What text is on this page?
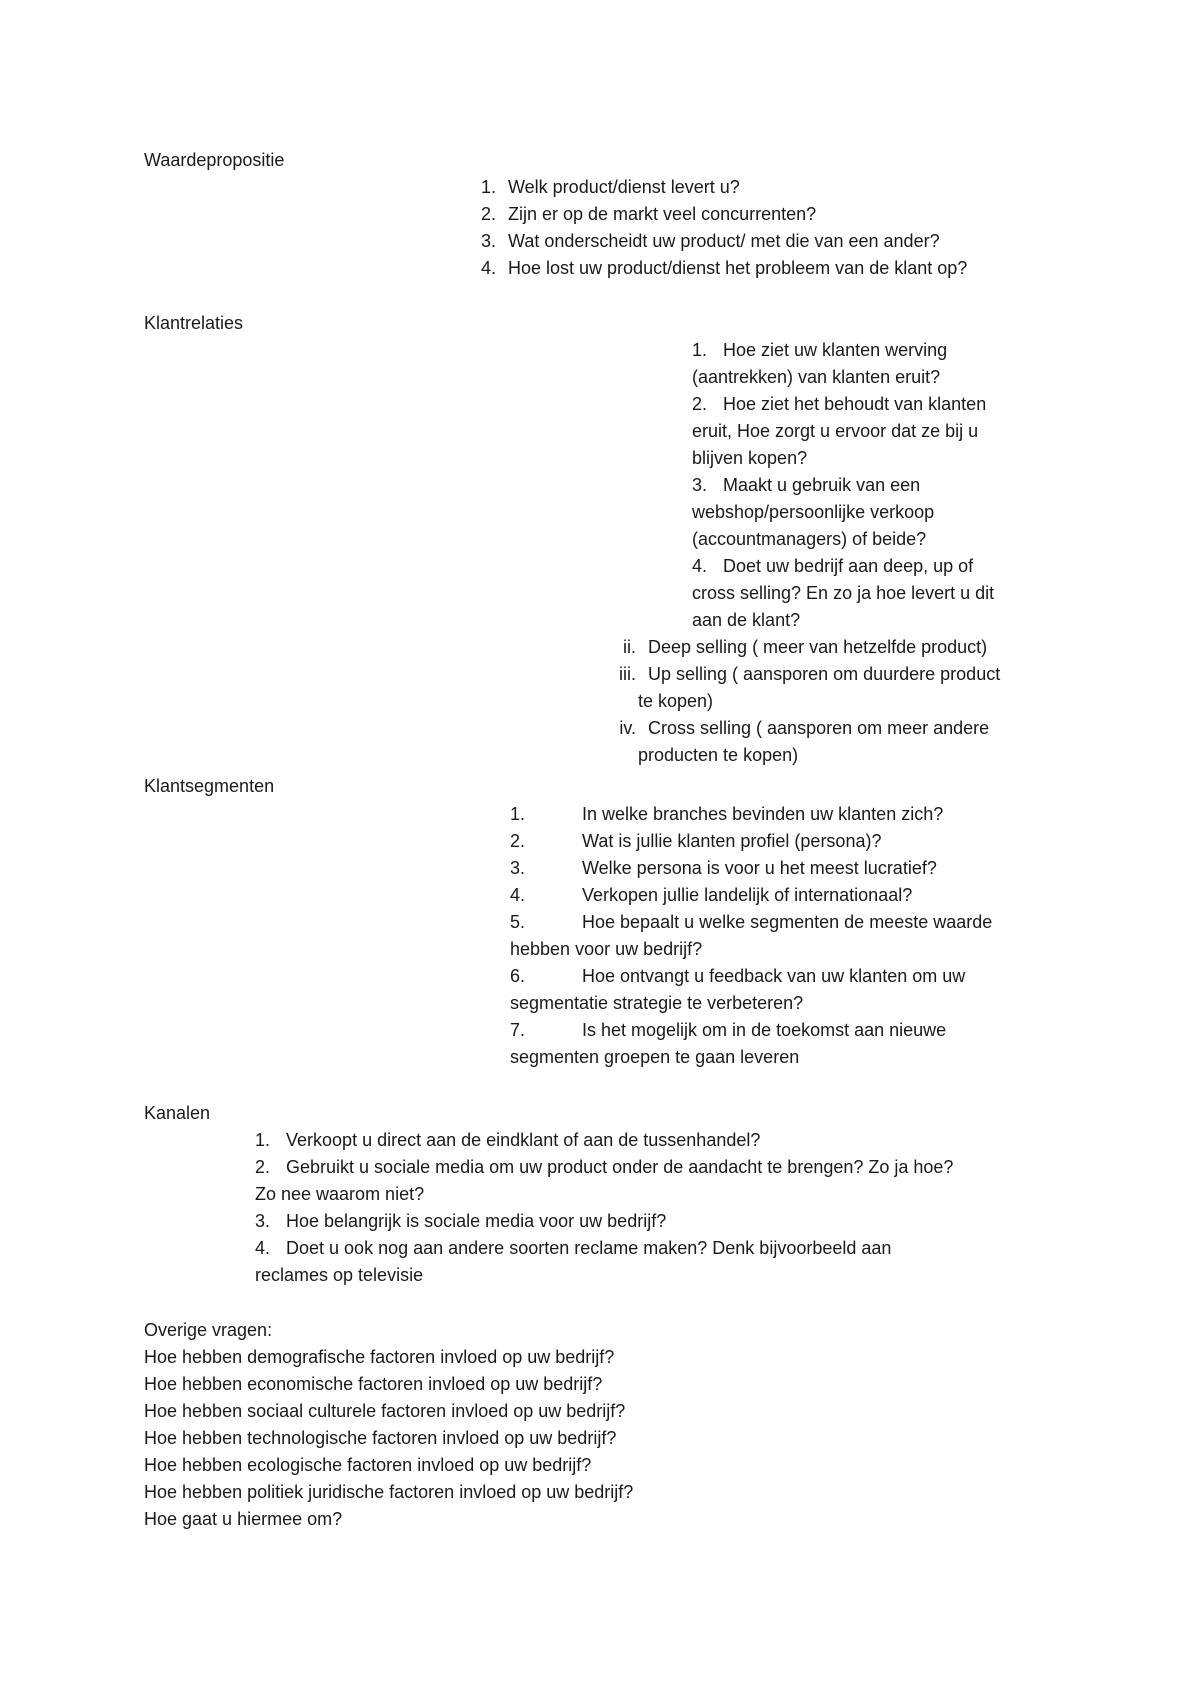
Waardepropositie
1. Welk product/dienst levert u?
2. Zijn er op de markt veel concurrenten?
3. Wat onderscheidt uw product/ met die van een ander?
4. Hoe lost uw product/dienst het probleem van de klant op?
Klantrelaties
1. Hoe ziet uw klanten werving
(aantrekken) van klanten eruit?
2. Hoe ziet het behoudt van klanten
eruit, Hoe zorgt u ervoor dat ze bij u
blijven kopen?
3. Maakt u gebruik van een
webshop/persoonlijke verkoop
(accountmanagers) of beide?
4. Doet uw bedrijf aan deep, up of
cross selling? En zo ja hoe levert u dit
aan de klant?
ii. Deep selling ( meer van hetzelfde product)
iii. Up selling ( aansporen om duurdere product
te kopen)
iv. Cross selling ( aansporen om meer andere
producten te kopen)
Klantsegmenten
1.	In welke branches bevinden uw klanten zich?
2.	Wat is jullie klanten profiel (persona)?
3.	Welke persona is voor u het meest lucratief?
4.	Verkopen jullie landelijk of internationaal?
5.	Hoe bepaalt u welke segmenten de meeste waarde
hebben voor uw bedrijf?
6.	Hoe ontvangt u feedback van uw klanten om uw
segmentatie strategie te verbeteren?
7.	Is het mogelijk om in de toekomst aan nieuwe
segmenten groepen te gaan leveren
Kanalen
1. Verkoopt u direct aan de eindklant of aan de tussenhandel?
2. Gebruikt u sociale media om uw product onder de aandacht te brengen? Zo ja hoe?
Zo nee waarom niet?
3. Hoe belangrijk is sociale media voor uw bedrijf?
4. Doet u ook nog aan andere soorten reclame maken? Denk bijvoorbeeld aan
reclames op televisie
Overige vragen:
Hoe hebben demografische factoren invloed op uw bedrijf?
Hoe hebben economische factoren invloed op uw bedrijf?
Hoe hebben sociaal culturele factoren invloed op uw bedrijf?
Hoe hebben technologische factoren invloed op uw bedrijf?
Hoe hebben ecologische factoren invloed op uw bedrijf?
Hoe hebben politiek juridische factoren invloed op uw bedrijf?
Hoe gaat u hiermee om?
